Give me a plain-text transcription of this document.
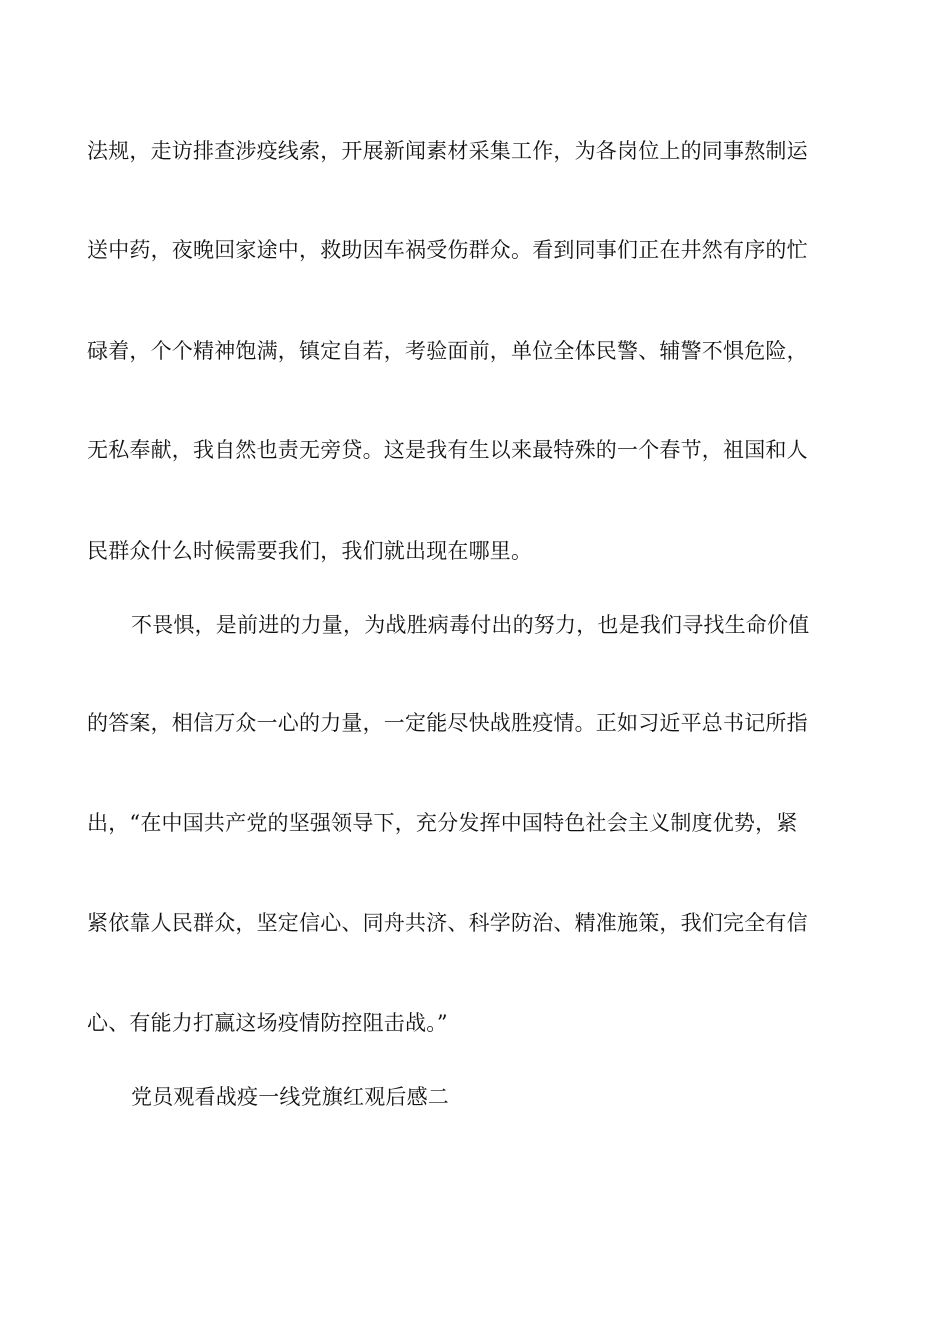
法规，走访排查涉疫线索，开展新闻素材采集工作，为各岗位上的同事熬制运
送中药，夜晚回家途中，救助因车祸受伤群众。看到同事们正在井然有序的忙
碌着，个个精神饱满，镇定自若，考验面前，单位全体民警、辅警不惧危险，
无私奉献，我自然也责无旁贷。这是我有生以来最特殊的一个春节，祖国和人
民群众什么时候需要我们，我们就出现在哪里。
不畏惧，是前进的力量，为战胜病毒付出的努力，也是我们寻找生命价值
的答案，相信万众一心的力量，一定能尽快战胜疫情。正如习近平总书记所指
出，“在中国共产党的坚强领导下，充分发挥中国特色社会主义制度优势，紧
紧依靠人民群众，坚定信心、同舟共济、科学防治、精准施策，我们完全有信
心、有能力打赢这场疫情防控阻击战。”
党员观看战疫一线党旗红观后感二
